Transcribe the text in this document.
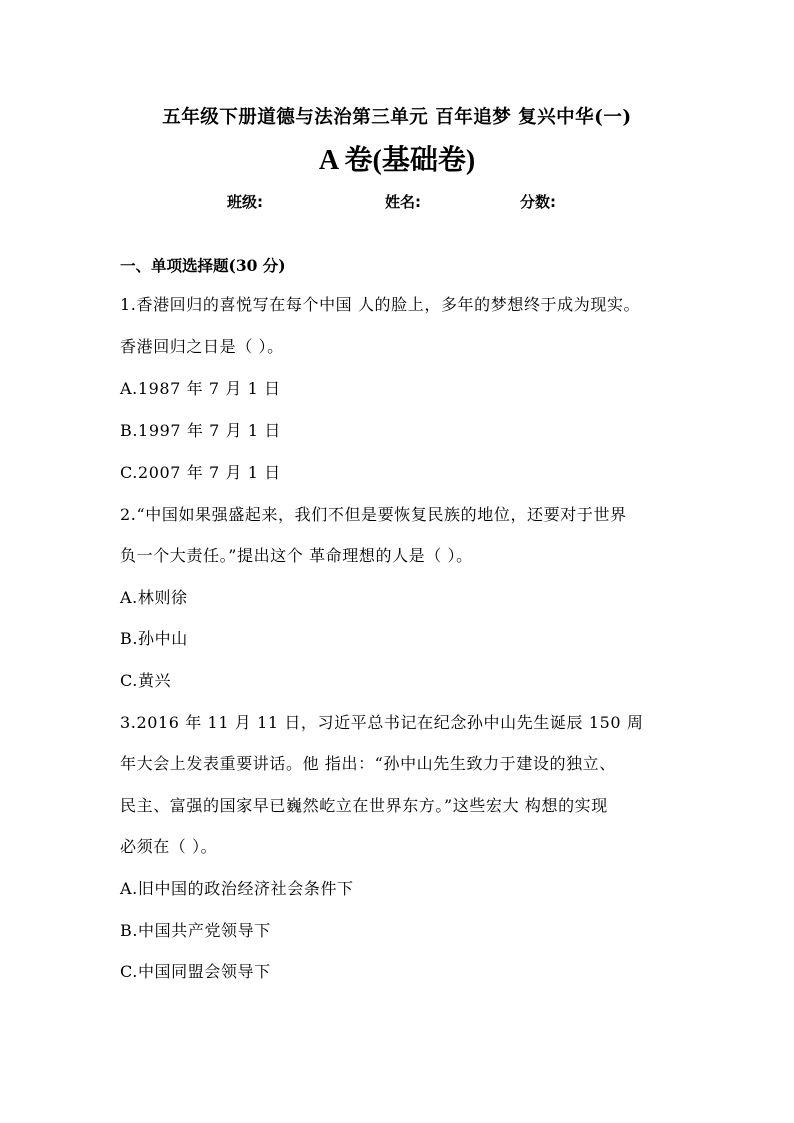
五年级下册道德与法治第三单元 百年追梦 复兴中华(一)
A 卷(基础卷)
班级:	姓名:	分数:
一、单项选择题(30 分)
1.香港回归的喜悦写在每个中国 人的脸上，多年的梦想终于成为现实。
香港回归之日是（ ）。
A.1987 年 7 月 1 日
B.1997 年 7 月 1 日
C.2007 年 7 月 1 日
2.“中国如果强盛起来，我们不但是要恢复民族的地位，还要对于世界
负一个大责任。”提出这个 革命理想的人是（ ）。
A.林则徐
B.孙中山
C.黄兴
3.2016 年 11 月 11 日，习近平总书记在纪念孙中山先生诞辰 150 周
年大会上发表重要讲话。他 指出：“孙中山先生致力于建设的独立、
民主、富强的国家早已巍然屹立在世界东方。”这些宏大 构想的实现
必须在（ ）。
A.旧中国的政治经济社会条件下
B.中国共产党领导下
C.中国同盟会领导下
